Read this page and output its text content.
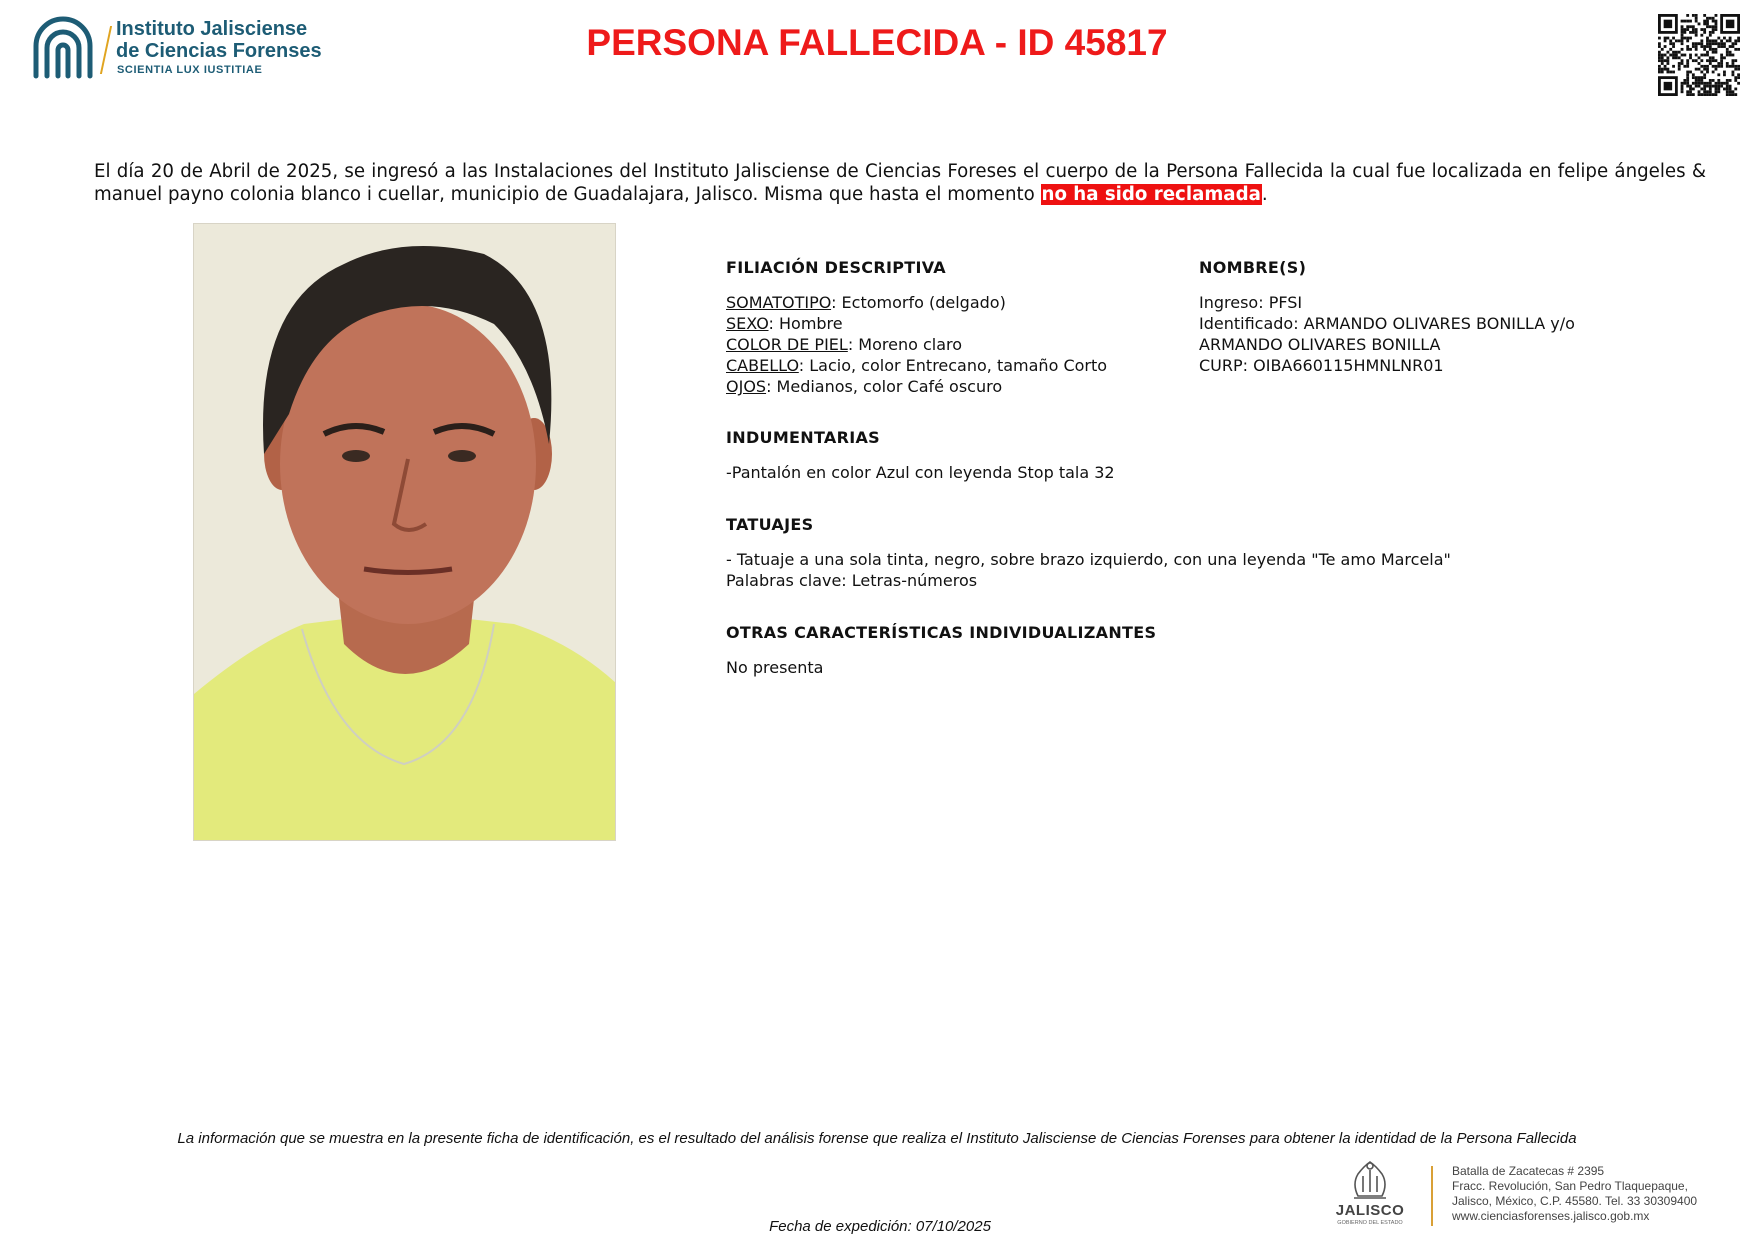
Instituto Jalisciense
de Ciencias Forenses
SCIENTIA LUX IUSTITIAE
PERSONA FALLECIDA - ID 45817
El día 20 de Abril de 2025, se ingresó a las Instalaciones del Instituto Jalisciense de Ciencias Foreses el cuerpo de la Persona Fallecida la cual fue localizada en felipe ángeles & manuel payno colonia blanco i cuellar, municipio de Guadalajara, Jalisco. Misma que hasta el momento no ha sido reclamada.
FILIACIÓN DESCRIPTIVA
SOMATOTIPO: Ectomorfo (delgado)
SEXO: Hombre
COLOR DE PIEL: Moreno claro
CABELLO: Lacio, color Entrecano, tamaño Corto
OJOS: Medianos, color Café oscuro
NOMBRE(S)
Ingreso: PFSI
Identificado: ARMANDO OLIVARES BONILLA y/o
ARMANDO OLIVARES BONILLA
CURP: OIBA660115HMNLNR01
INDUMENTARIAS
-Pantalón en color Azul con leyenda Stop tala 32
TATUAJES
- Tatuaje a una sola tinta, negro, sobre brazo izquierdo, con una leyenda "Te amo Marcela"
Palabras clave: Letras-números
OTRAS CARACTERÍSTICAS INDIVIDUALIZANTES
No presenta
La información que se muestra en la presente ficha de identificación, es el resultado del análisis forense que realiza el Instituto Jalisciense de Ciencias Forenses para obtener la identidad de la Persona Fallecida
JALISCO
GOBIERNO DEL ESTADO
Batalla de Zacatecas # 2395
Fracc. Revolución, San Pedro Tlaquepaque,
Jalisco, México, C.P. 45580. Tel. 33 30309400
www.cienciasforenses.jalisco.gob.mx
Fecha de expedición: 07/10/2025
